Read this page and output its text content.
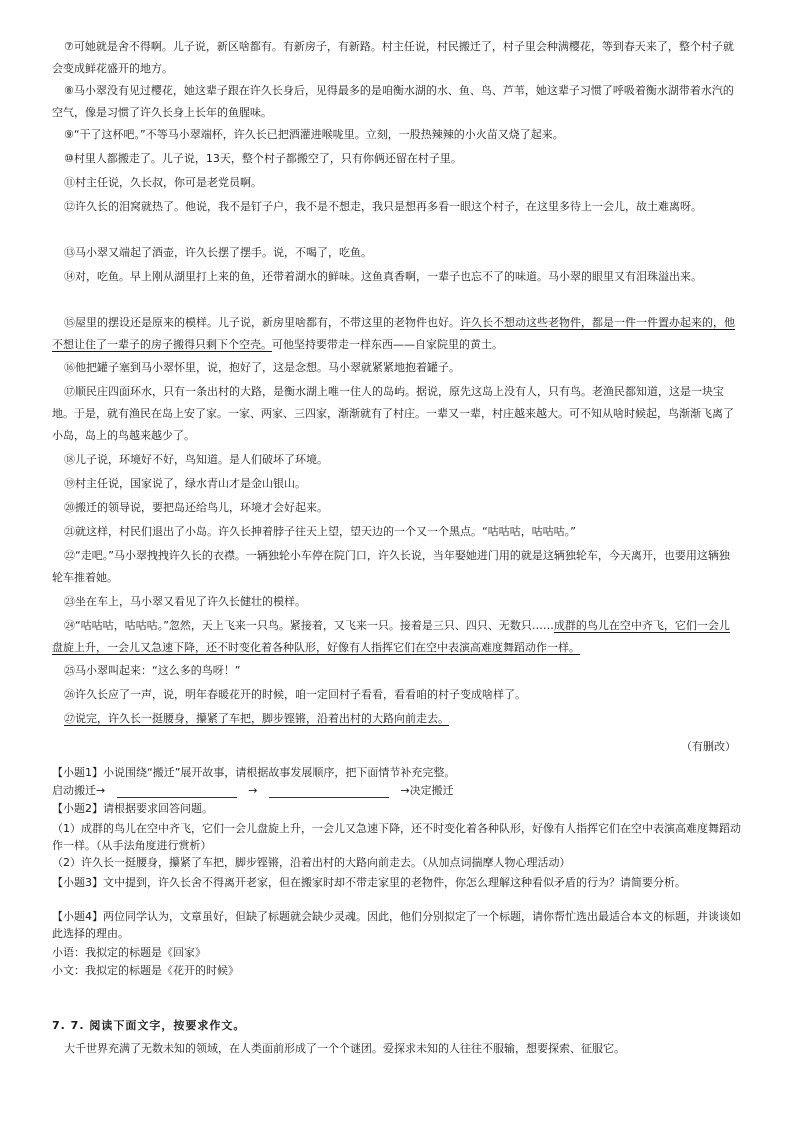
⑦可她就是舍不得啊。儿子说，新区啥都有。有新房子，有新路。村主任说，村民搬迁了，村子里会种满樱花，等到春天来了，整个村子就会变成鲜花盛开的地方。

⑧马小翠没有见过樱花，她这辈子跟在许久长身后，见得最多的是咱衡水湖的水、鱼、鸟、芦苇，她这辈子习惯了呼吸着衡水湖带着水汽的空气，像是习惯了许久长身上长年的鱼腥味。

⑨“干了这杯吧。”不等马小翠端杯，许久长已把酒灌进喉咙里。立刻，一股热辣辣的小火苗又烧了起来。

⑩村里人都搬走了。儿子说，13天，整个村子都搬空了，只有你俩还留在村子里。

⑪村主任说，久长叔，你可是老党员啊。

⑫许久长的泪窝就热了。他说，我不是钉子户，我不是不想走，我只是想再多看一眼这个村子，在这里多待上一会儿，故土难离呀。

⑬马小翠又端起了酒壶，许久长摆了摆手。说，不喝了，吃鱼。

⑭对，吃鱼。早上刚从湖里打上来的鱼，还带着湖水的鲜味。这鱼真香啊，一辈子也忘不了的味道。马小翠的眼里又有泪珠溢出来。

⑮屋里的摆设还是原来的模样。儿子说，新房里啥都有，不带这里的老物件也好。许久长不想动这些老物件，都是一件一件置办起来的，他不想让住了一辈子的房子搬得只剩下个空壳。可他坚持要带走一样东西——自家院里的黄土。

⑯他把罐子塞到马小翠怀里，说，抱好了，这是念想。马小翠就紧紧地抱着罐子。

⑰顺民庄四面环水，只有一条出村的大路，是衡水湖上唯一住人的岛屿。据说，原先这岛上没有人，只有鸟。老渔民都知道，这是一块宝地。于是，就有渔民在岛上安了家。一家、两家、三四家，渐渐就有了村庄。一辈又一辈，村庄越来越大。可不知从啥时候起，鸟渐渐飞离了小岛，岛上的鸟越来越少了。

⑱儿子说，环境好不好，鸟知道。是人们破坏了环境。

⑲村主任说，国家说了，绿水青山才是金山银山。

⑳搬迁的领导说，要把岛还给鸟儿，环境才会好起来。

㉑就这样，村民们退出了小岛。许久长抻着脖子往天上望，望天边的一个又一个黑点。“咕咕咕，咕咕咕。”

㉒“走吧。”马小翠拽拽许久长的衣襟。一辆独轮小车停在院门口，许久长说，当年娶她进门用的就是这辆独轮车，今天离开，也要用这辆独轮车推着她。

㉓坐在车上，马小翠又看见了许久长健壮的模样。

㉔“咕咕咕，咕咕咕。”忽然，天上飞来一只鸟。紧接着，又飞来一只。接着是三只、四只、无数只……成群的鸟儿在空中齐飞，它们一会儿盘旋上升，一会儿又急速下降，还不时变化着各种队形，好像有人指挥它们在空中表演高难度舞蹈动作一样。

㉕马小翠叫起来：“这么多的鸟呀！”

㉖许久长应了一声，说，明年春暖花开的时候，咱一定回村子看看，看看咱的村子变成啥样了。

㉗说完，许久长一挺腰身，攥紧了车把，脚步铿锵，沿着出村的大路向前走去。

（有删改）

【小题1】小说围绕“搬迁”展开故事，请根据故事发展顺序，把下面情节补充完整。

启动搬迁→	→	→决定搬迁

【小题2】请根据要求回答问题。

（1）成群的鸟儿在空中齐飞，它们一会儿盘旋上升，一会儿又急速下降，还不时变化着各种队形，好像有人指挥它们在空中表演高难度舞蹈动作一样。（从手法角度进行赏析）

（2）许久长一挺腰身，攥紧了车把，脚步铿锵，沿着出村的大路向前走去。（从加点词揣摩人物心理活动）

【小题3】文中提到，许久长舍不得离开老家，但在搬家时却不带走家里的老物件，你怎么理解这种看似矛盾的行为？请简要分析。

【小题4】两位同学认为，文章虽好，但缺了标题就会缺少灵魂。因此，他们分别拟定了一个标题，请你帮忙选出最适合本文的标题，并谈谈如此选择的理由。

小语：我拟定的标题是《回家》

小文：我拟定的标题是《花开的时候》

7. 7. 阅读下面文字，按要求作文。

大千世界充满了无数未知的领域，在人类面前形成了一个个谜团。爱探求未知的人往往不服输，想要探索、征服它。
